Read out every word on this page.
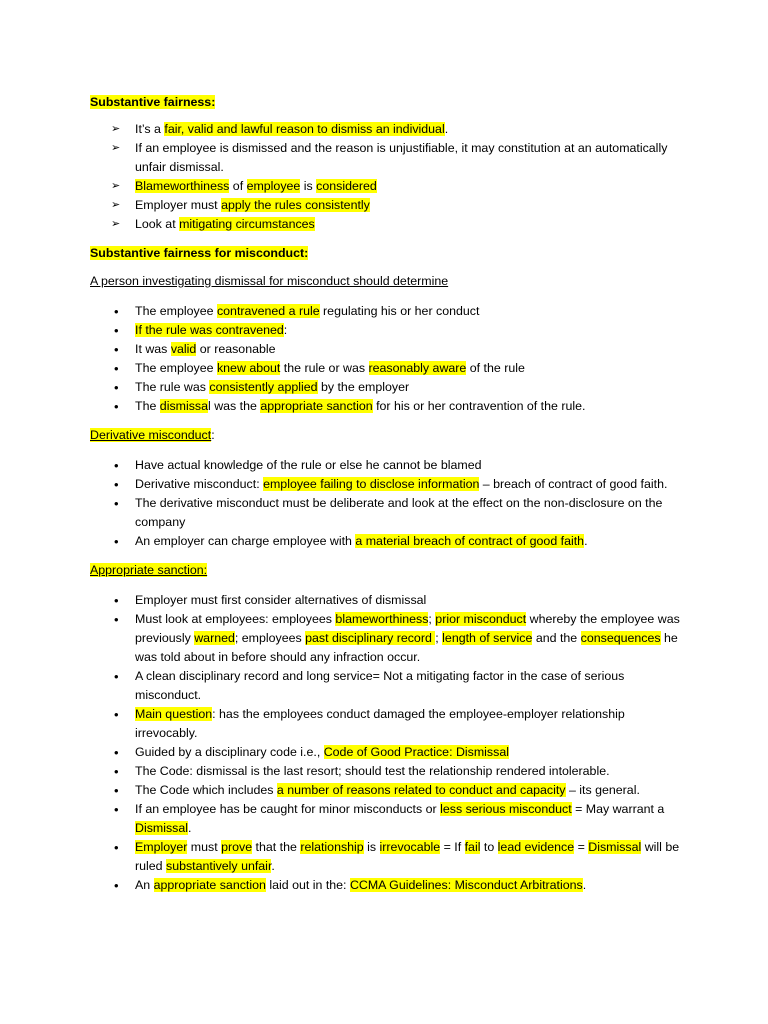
Substantive fairness:
➢ It’s a fair, valid and lawful reason to dismiss an individual.
➢ If an employee is dismissed and the reason is unjustifiable, it may constitution at an automatically unfair dismissal.
➢ Blameworthiness of employee is considered
➢ Employer must apply the rules consistently
➢ Look at mitigating circumstances
Substantive fairness for misconduct:
A person investigating dismissal for misconduct should determine
• The employee contravened a rule regulating his or her conduct
• If the rule was contravened:
• It was valid or reasonable
• The employee knew about the rule or was reasonably aware of the rule
• The rule was consistently applied by the employer
• The dismissal was the appropriate sanction for his or her contravention of the rule.
Derivative misconduct:
• Have actual knowledge of the rule or else he cannot be blamed
• Derivative misconduct: employee failing to disclose information – breach of contract of good faith.
• The derivative misconduct must be deliberate and look at the effect on the non-disclosure on the company
• An employer can charge employee with a material breach of contract of good faith.
Appropriate sanction:
• Employer must first consider alternatives of dismissal
• Must look at employees: employees blameworthiness; prior misconduct whereby the employee was previously warned; employees past disciplinary record ; length of service and the consequences he was told about in before should any infraction occur.
• A clean disciplinary record and long service= Not a mitigating factor in the case of serious misconduct.
• Main question: has the employees conduct damaged the employee-employer relationship irrevocably.
• Guided by a disciplinary code i.e., Code of Good Practice: Dismissal
• The Code: dismissal is the last resort; should test the relationship rendered intolerable.
• The Code which includes a number of reasons related to conduct and capacity – its general.
• If an employee has be caught for minor misconducts or less serious misconduct = May warrant a Dismissal.
• Employer must prove that the relationship is irrevocable = If fail to lead evidence = Dismissal will be ruled substantively unfair.
• An appropriate sanction laid out in the: CCMA Guidelines: Misconduct Arbitrations.
